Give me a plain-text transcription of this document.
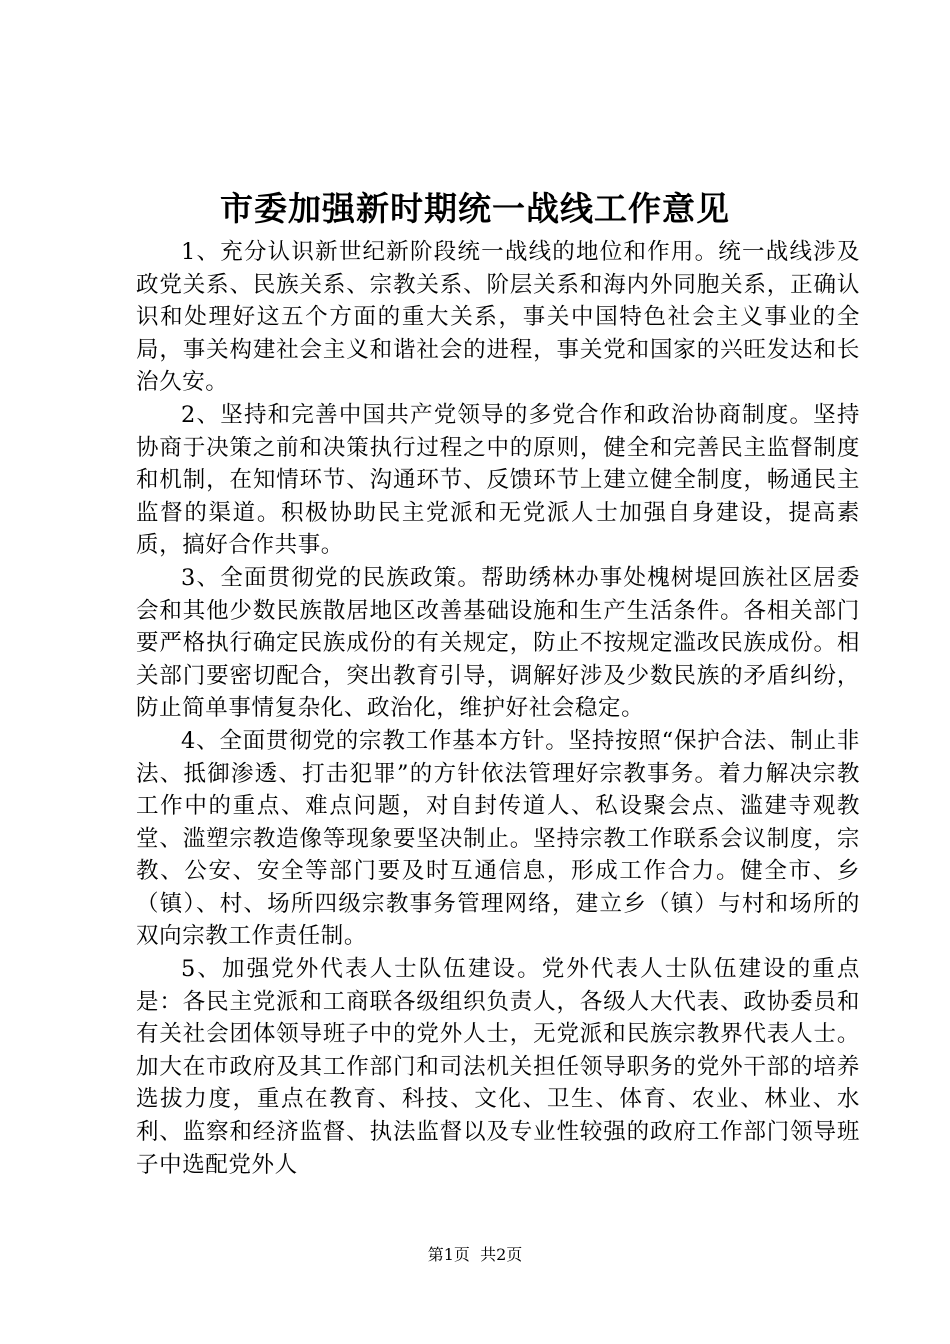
市委加强新时期统一战线工作意见

1、充分认识新世纪新阶段统一战线的地位和作用。统一战线涉及政党关系、民族关系、宗教关系、阶层关系和海内外同胞关系，正确认识和处理好这五个方面的重大关系，事关中国特色社会主义事业的全局，事关构建社会主义和谐社会的进程，事关党和国家的兴旺发达和长治久安。

2、坚持和完善中国共产党领导的多党合作和政治协商制度。坚持协商于决策之前和决策执行过程之中的原则，健全和完善民主监督制度和机制，在知情环节、沟通环节、反馈环节上建立健全制度，畅通民主监督的渠道。积极协助民主党派和无党派人士加强自身建设，提高素质，搞好合作共事。

3、全面贯彻党的民族政策。帮助绣林办事处槐树堤回族社区居委会和其他少数民族散居地区改善基础设施和生产生活条件。各相关部门要严格执行确定民族成份的有关规定，防止不按规定滥改民族成份。相关部门要密切配合，突出教育引导，调解好涉及少数民族的矛盾纠纷，防止简单事情复杂化、政治化，维护好社会稳定。

4、全面贯彻党的宗教工作基本方针。坚持按照“保护合法、制止非法、抵御渗透、打击犯罪”的方针依法管理好宗教事务。着力解决宗教工作中的重点、难点问题，对自封传道人、私设聚会点、滥建寺观教堂、滥塑宗教造像等现象要坚决制止。坚持宗教工作联系会议制度，宗教、公安、安全等部门要及时互通信息，形成工作合力。健全市、乡（镇）、村、场所四级宗教事务管理网络，建立乡（镇）与村和场所的双向宗教工作责任制。

5、加强党外代表人士队伍建设。党外代表人士队伍建设的重点是：各民主党派和工商联各级组织负责人，各级人大代表、政协委员和有关社会团体领导班子中的党外人士，无党派和民族宗教界代表人士。加大在市政府及其工作部门和司法机关担任领导职务的党外干部的培养选拔力度，重点在教育、科技、文化、卫生、体育、农业、林业、水利、监察和经济监督、执法监督以及专业性较强的政府工作部门领导班子中选配党外人

第1页  共2页
